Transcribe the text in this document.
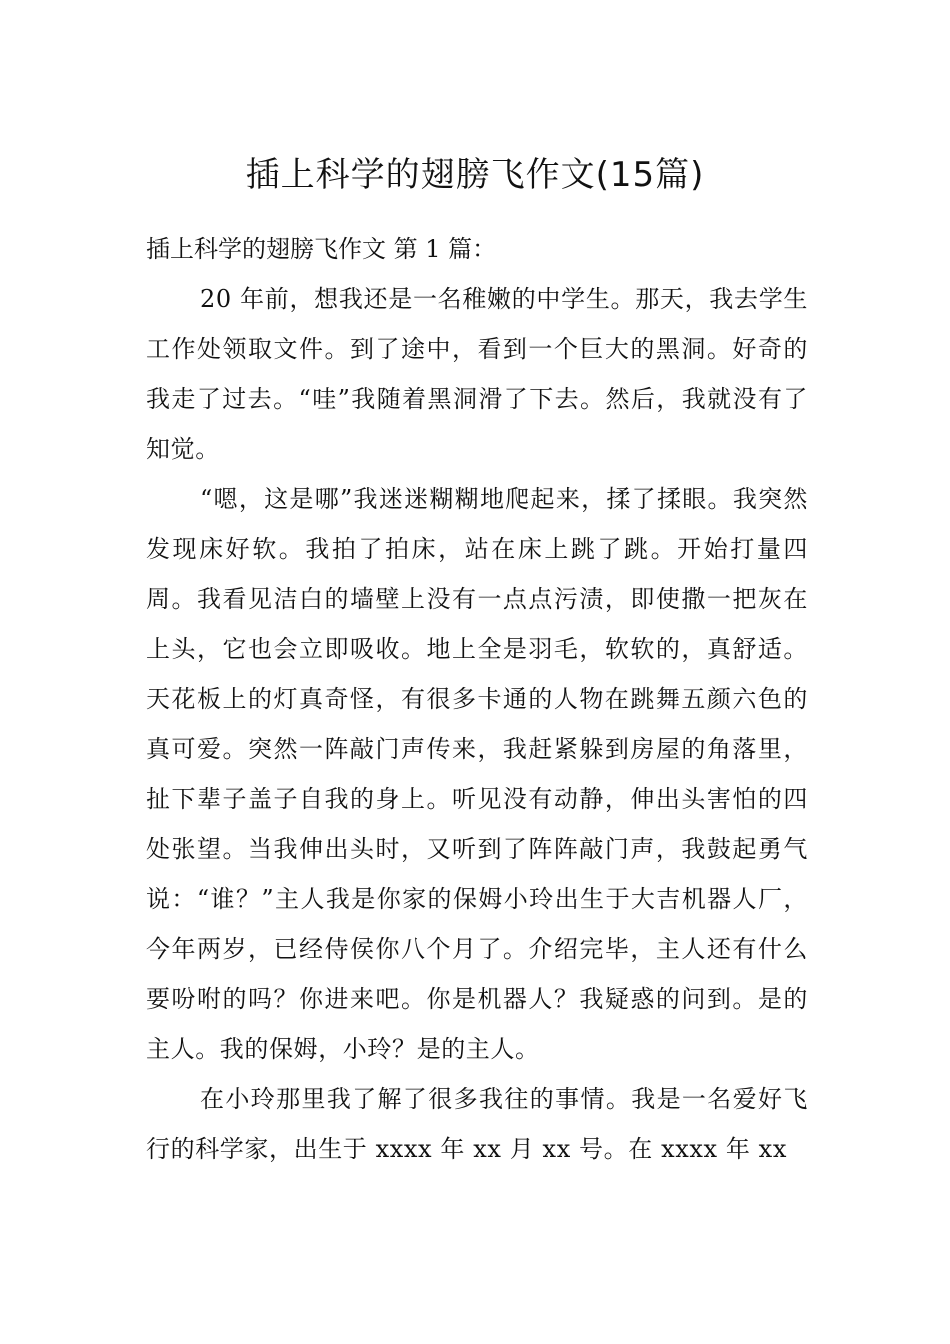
插上科学的翅膀飞作文(15篇)

插上科学的翅膀飞作文 第 1 篇：

20 年前，想我还是一名稚嫩的中学生。那天，我去学生工作处领取文件。到了途中，看到一个巨大的黑洞。好奇的我走了过去。“哇”我随着黑洞滑了下去。然后，我就没有了知觉。

“嗯，这是哪”我迷迷糊糊地爬起来，揉了揉眼。我突然发现床好软。我拍了拍床，站在床上跳了跳。开始打量四周。我看见洁白的墙壁上没有一点点污渍，即使撒一把灰在上头，它也会立即吸收。地上全是羽毛，软软的，真舒适。天花板上的灯真奇怪，有很多卡通的人物在跳舞五颜六色的真可爱。突然一阵敲门声传来，我赶紧躲到房屋的角落里，扯下辈子盖子自我的身上。听见没有动静，伸出头害怕的四处张望。当我伸出头时，又听到了阵阵敲门声，我鼓起勇气说：“谁？”主人我是你家的保姆小玲出生于大吉机器人厂，今年两岁，已经侍侯你八个月了。介绍完毕，主人还有什么要吩咐的吗？你进来吧。你是机器人？我疑惑的问到。是的主人。我的保姆，小玲？是的主人。

在小玲那里我了解了很多我往的事情。我是一名爱好飞行的科学家，出生于 xxxx 年 xx 月 xx 号。在 xxxx 年 xx
